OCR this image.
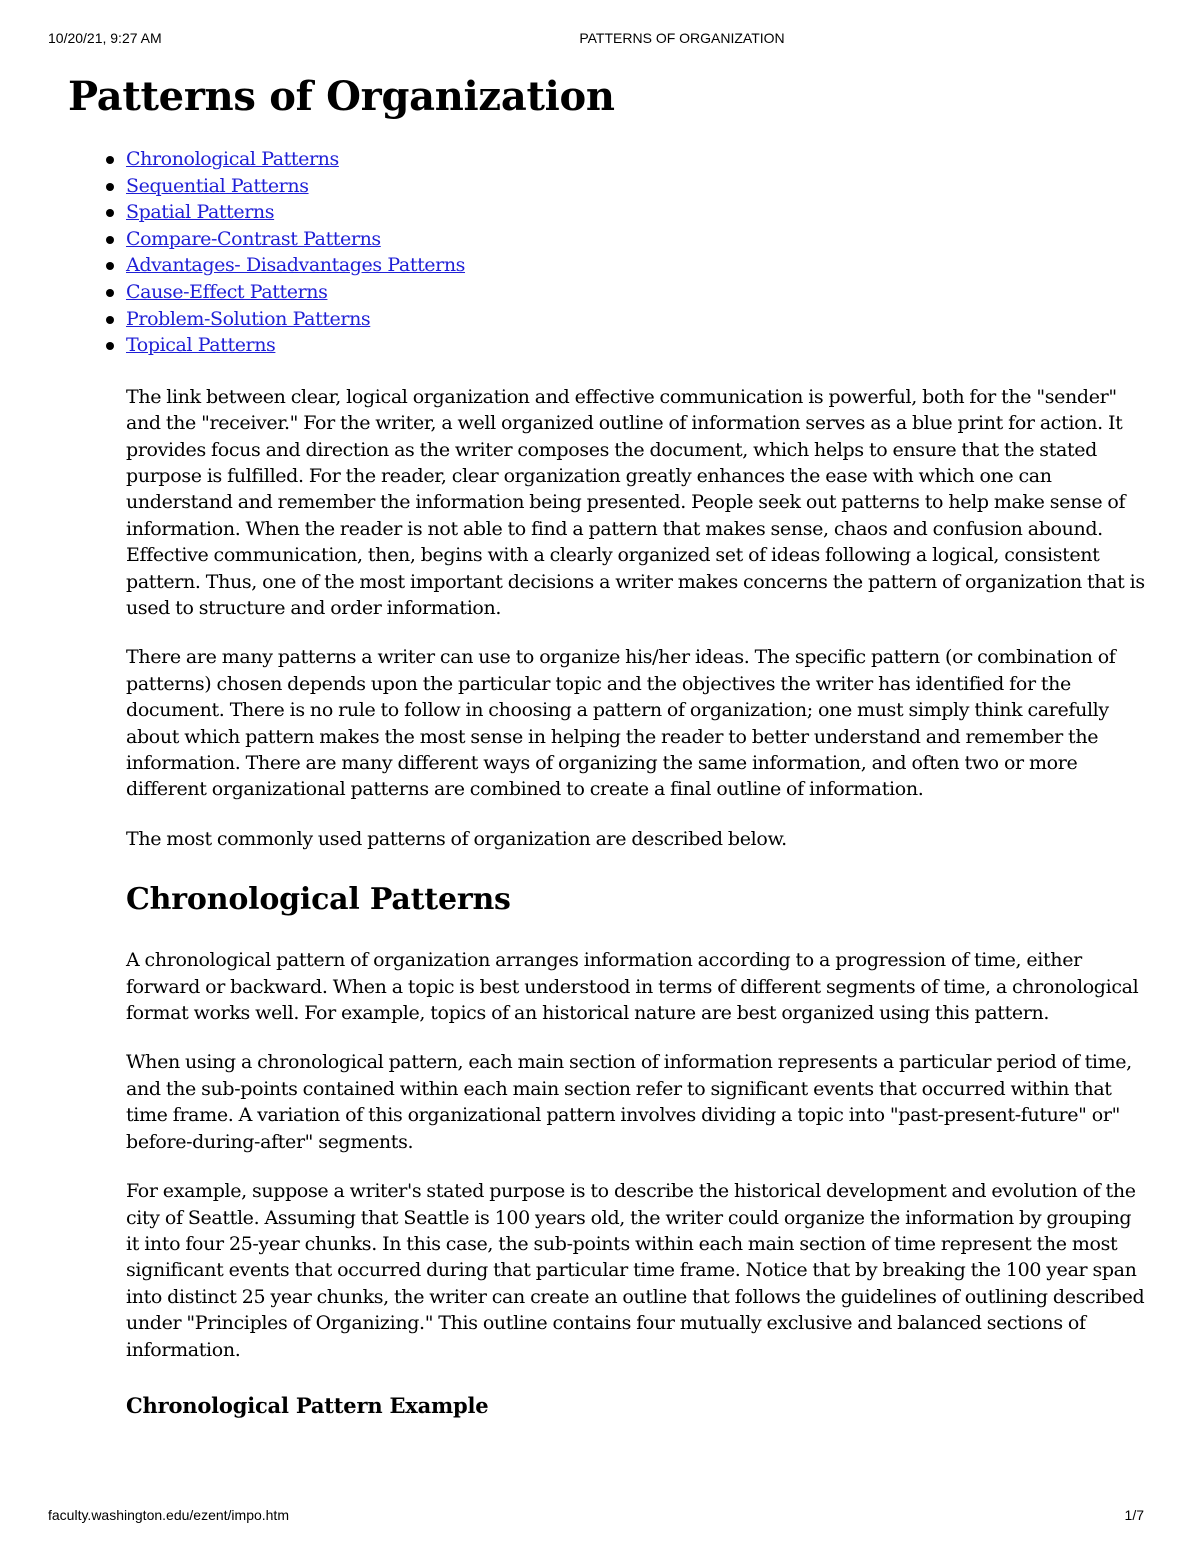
10/20/21, 9:27 AM	PATTERNS OF ORGANIZATION
Patterns of Organization
Chronological Patterns
Sequential Patterns
Spatial Patterns
Compare-Contrast Patterns
Advantages- Disadvantages Patterns
Cause-Effect Patterns
Problem-Solution Patterns
Topical Patterns

The link between clear, logical organization and effective communication is powerful, both for the "sender" and the "receiver." For the writer, a well organized outline of information serves as a blue print for action. It provides focus and direction as the writer composes the document, which helps to ensure that the stated purpose is fulfilled. For the reader, clear organization greatly enhances the ease with which one can understand and remember the information being presented. People seek out patterns to help make sense of information. When the reader is not able to find a pattern that makes sense, chaos and confusion abound. Effective communication, then, begins with a clearly organized set of ideas following a logical, consistent pattern. Thus, one of the most important decisions a writer makes concerns the pattern of organization that is used to structure and order information.

There are many patterns a writer can use to organize his/her ideas. The specific pattern (or combination of patterns) chosen depends upon the particular topic and the objectives the writer has identified for the document. There is no rule to follow in choosing a pattern of organization; one must simply think carefully about which pattern makes the most sense in helping the reader to better understand and remember the information. There are many different ways of organizing the same information, and often two or more different organizational patterns are combined to create a final outline of information.

The most commonly used patterns of organization are described below.

Chronological Patterns

A chronological pattern of organization arranges information according to a progression of time, either forward or backward. When a topic is best understood in terms of different segments of time, a chronological format works well. For example, topics of an historical nature are best organized using this pattern.

When using a chronological pattern, each main section of information represents a particular period of time, and the sub-points contained within each main section refer to significant events that occurred within that time frame. A variation of this organizational pattern involves dividing a topic into "past-present-future" or" before-during-after" segments.

For example, suppose a writer's stated purpose is to describe the historical development and evolution of the city of Seattle. Assuming that Seattle is 100 years old, the writer could organize the information by grouping it into four 25-year chunks. In this case, the sub-points within each main section of time represent the most significant events that occurred during that particular time frame. Notice that by breaking the 100 year span into distinct 25 year chunks, the writer can create an outline that follows the guidelines of outlining described under "Principles of Organizing." This outline contains four mutually exclusive and balanced sections of information.

Chronological Pattern Example
faculty.washington.edu/ezent/impo.htm	1/7
